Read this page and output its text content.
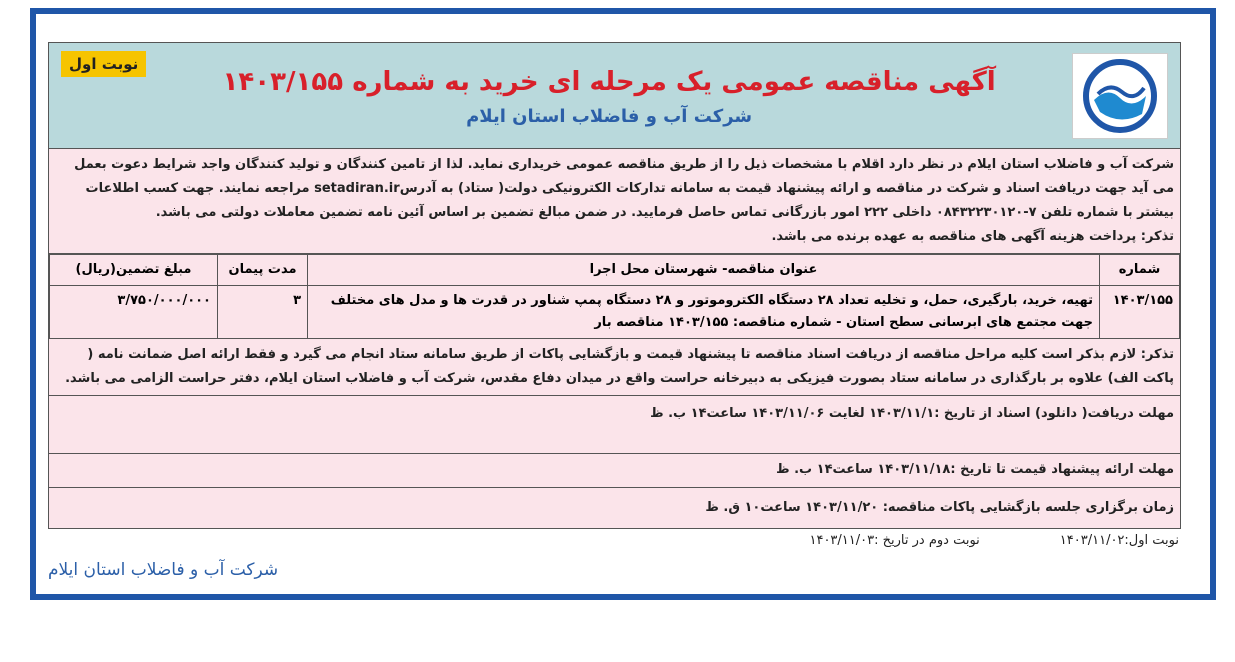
آگهی مناقصه عمومی یک مرحله ای خرید به شماره ۱۴۰۳/۱۵۵
شرکت آب و فاضلاب استان ایلام
نوبت اول
شرکت آب و فاضلاب استان ایلام در نظر دارد اقلام با مشخصات ذیل را از طریق مناقصه عمومی خریداری نماید. لذا از تامین کنندگان و تولید کنندگان واجد شرایط دعوت بعمل می آید جهت دریافت اسناد و شرکت در مناقصه و ارائه پیشنهاد قیمت به سامانه تدارکات الکترونیکی دولت( ستاد) به آدرسsetadiran.ir مراجعه نمایند. جهت کسب اطلاعات بیشتر با شماره تلفن ۷-۰۸۴۳۲۲۳۰۱۲۰ داخلی ۲۲۲ امور بازرگانی تماس حاصل فرمایید. در ضمن مبالغ تضمین بر اساس آئین نامه تضمین معاملات دولتی می باشد.
تذکر: پرداخت هزینه آگهی های مناقصه به عهده برنده می باشد.
شماره	عنوان مناقصه- شهرستان محل اجرا	مدت پیمان	مبلغ تضمین(ریال)
۱۴۰۳/۱۵۵	تهیه، خرید، بارگیری، حمل، و تخلیه تعداد ۲۸ دستگاه الکتروموتور و ۲۸ دستگاه پمپ شناور در قدرت ها و مدل های مختلف جهت مجتمع های ابرسانی سطح استان - شماره مناقصه: ۱۴۰۳/۱۵۵ مناقصه بار	۳	۳/۷۵۰/۰۰۰/۰۰۰
تذکر: لازم بذکر است کلیه مراحل مناقصه از دریافت اسناد مناقصه تا پیشنهاد قیمت و بازگشایی پاکات از طریق سامانه ستاد انجام می گیرد و فقط ارائه اصل ضمانت نامه ( پاکت الف) علاوه بر بارگذاری در سامانه ستاد بصورت فیزیکی به دبیرخانه حراست واقع در میدان دفاع مقدس، شرکت آب و فاضلاب استان ایلام، دفتر حراست الزامی می باشد.
مهلت دریافت( دانلود) اسناد از تاریخ :۱۴۰۳/۱۱/۱ لغایت ۱۴۰۳/۱۱/۰۶ ساعت۱۴ ب. ظ
مهلت ارائه پیشنهاد قیمت تا تاریخ :۱۴۰۳/۱۱/۱۸ ساعت۱۴ ب. ظ
زمان برگزاری جلسه بازگشایی پاکات مناقصه: ۱۴۰۳/۱۱/۲۰ ساعت۱۰ ق. ظ
نوبت اول:۱۴۰۳/۱۱/۰۲
نوبت دوم در تاریخ :۱۴۰۳/۱۱/۰۳
شرکت آب و فاضلاب استان ایلام
